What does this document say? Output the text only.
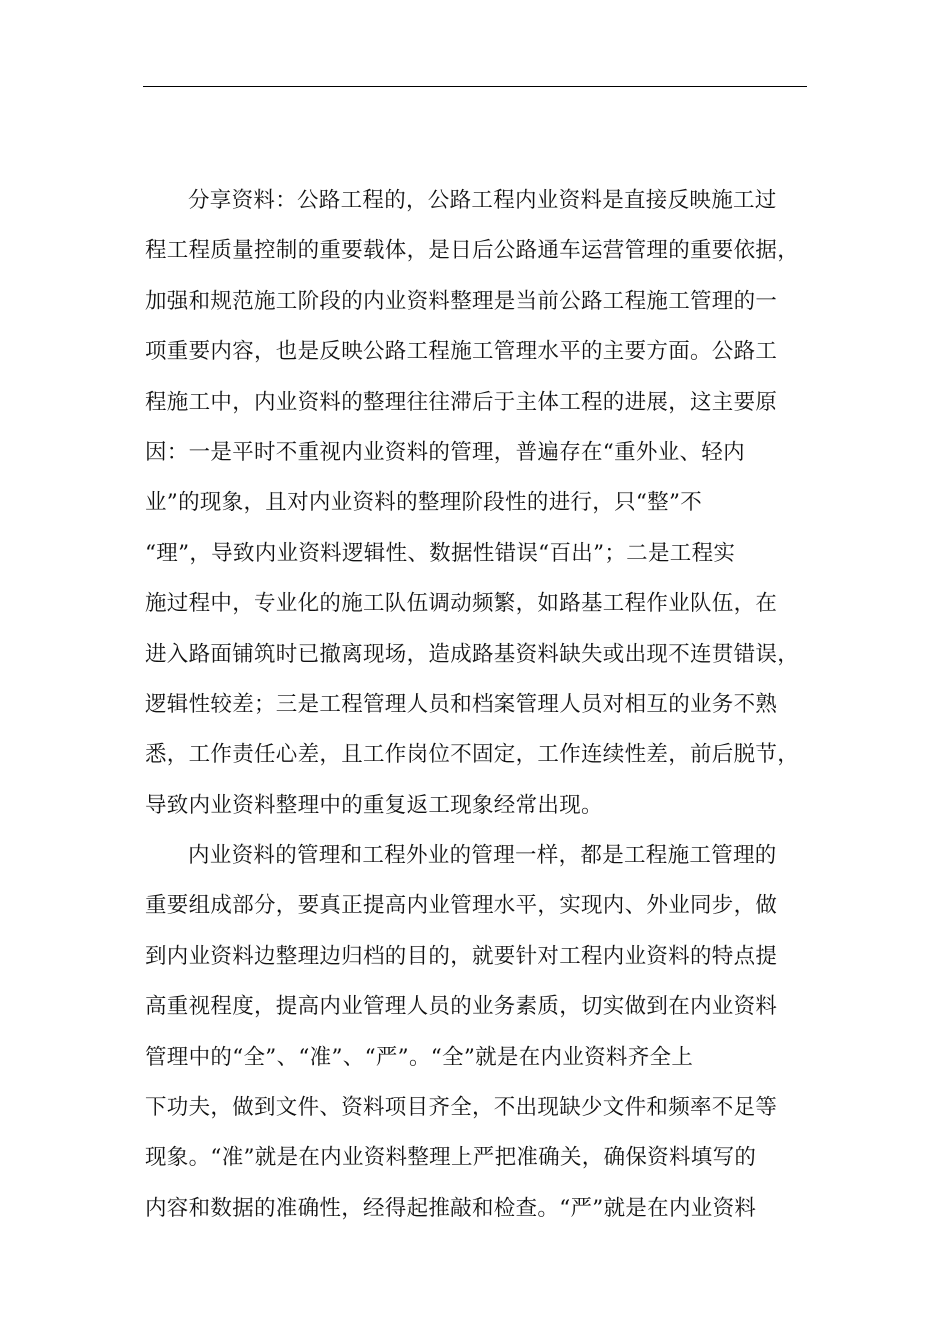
分享资料：公路工程的，公路工程内业资料是直接反映施工过
程工程质量控制的重要载体，是日后公路通车运营管理的重要依据，
加强和规范施工阶段的内业资料整理是当前公路工程施工管理的一
项重要内容，也是反映公路工程施工管理水平的主要方面。公路工
程施工中，内业资料的整理往往滞后于主体工程的进展，这主要原
因：一是平时不重视内业资料的管理，普遍存在“重外业、轻内
业”的现象，且对内业资料的整理阶段性的进行，只“整”不
“理”，导致内业资料逻辑性、数据性错误“百出”；二是工程实
施过程中，专业化的施工队伍调动频繁，如路基工程作业队伍，在
进入路面铺筑时已撤离现场，造成路基资料缺失或出现不连贯错误，
逻辑性较差；三是工程管理人员和档案管理人员对相互的业务不熟
悉，工作责任心差，且工作岗位不固定，工作连续性差，前后脱节，
导致内业资料整理中的重复返工现象经常出现。
内业资料的管理和工程外业的管理一样，都是工程施工管理的
重要组成部分，要真正提高内业管理水平，实现内、外业同步，做
到内业资料边整理边归档的目的，就要针对工程内业资料的特点提
高重视程度，提高内业管理人员的业务素质，切实做到在内业资料
管理中的“全”、“准”、“严”。“全”就是在内业资料齐全上
下功夫，做到文件、资料项目齐全，不出现缺少文件和频率不足等
现象。“准”就是在内业资料整理上严把准确关，确保资料填写的
内容和数据的准确性，经得起推敲和检查。“严”就是在内业资料
